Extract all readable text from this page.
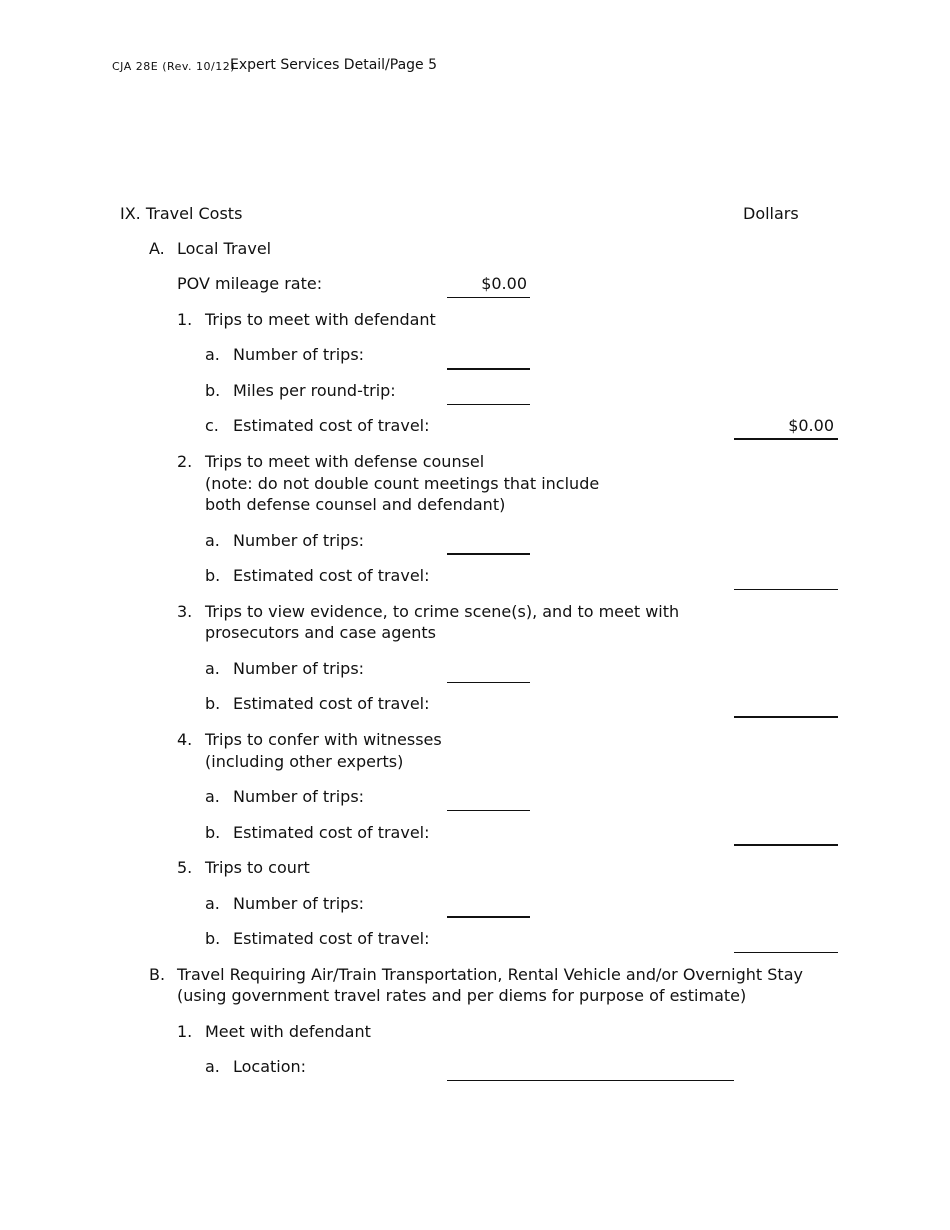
CJA 28E (Rev. 10/12)
Expert Services Detail/Page 5
IX. Travel Costs	Dollars
A. Local Travel
POV mileage rate:	$0.00
1. Trips to meet with defendant
a. Number of trips:
b. Miles per round-trip:
c. Estimated cost of travel:	$0.00
2. Trips to meet with defense counsel
(note: do not double count meetings that include
both defense counsel and defendant)
a. Number of trips:
b. Estimated cost of travel:
3. Trips to view evidence, to crime scene(s), and to meet with
prosecutors and case agents
a. Number of trips:
b. Estimated cost of travel:
4. Trips to confer with witnesses
(including other experts)
a. Number of trips:
b. Estimated cost of travel:
5. Trips to court
a. Number of trips:
b. Estimated cost of travel:
B. Travel Requiring Air/Train Transportation, Rental Vehicle and/or Overnight Stay
(using government travel rates and per diems for purpose of estimate)
1. Meet with defendant
a. Location:
